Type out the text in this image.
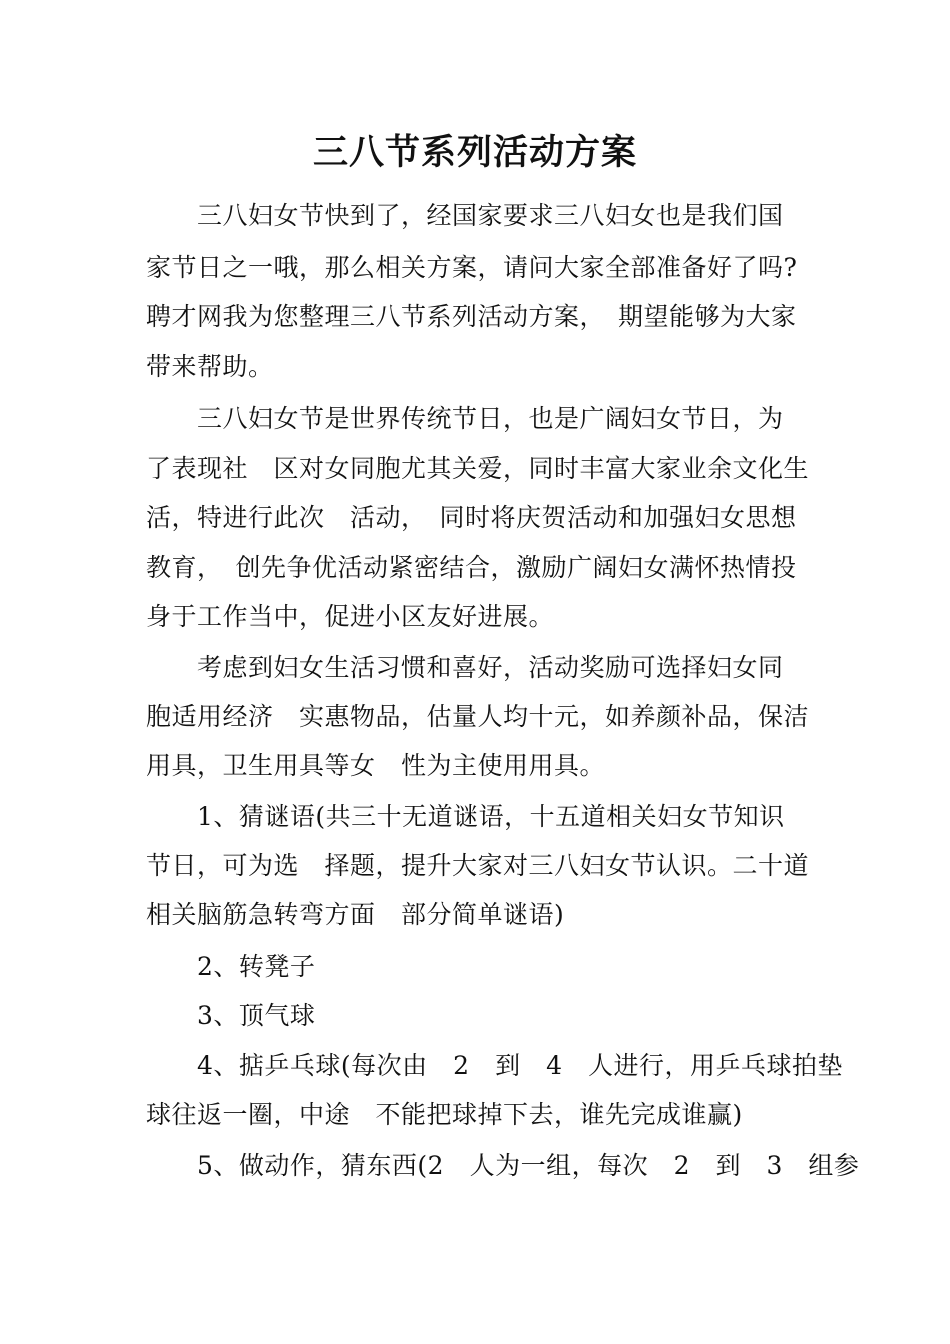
三八节系列活动方案
　　三八妇女节快到了，经国家要求三八妇女也是我们国
家节日之一哦，那么相关方案，请问大家全部准备好了吗?
聘才网我为您整理三八节系列活动方案，　期望能够为大家
带来帮助。
　　三八妇女节是世界传统节日，也是广阔妇女节日，为
了表现社　区对女同胞尤其关爱，同时丰富大家业余文化生
活，特进行此次　活动，　同时将庆贺活动和加强妇女思想
教育，　创先争优活动紧密结合，激励广阔妇女满怀热情投
身于工作当中，促进小区友好进展。
　　考虑到妇女生活习惯和喜好，活动奖励可选择妇女同
胞适用经济　实惠物品，估量人均十元，如养颜补品，保洁
用具，卫生用具等女　性为主使用用具。
　　1、猜谜语(共三十无道谜语，十五道相关妇女节知识
节日，可为选　择题，提升大家对三八妇女节认识。二十道
相关脑筋急转弯方面　部分简单谜语)
　　2、转凳子
　　3、顶气球
　　4、掂乒乓球(每次由　2　到　4　人进行，用乒乓球拍垫
球往返一圈，中途　不能把球掉下去，谁先完成谁赢)
　　5、做动作，猜东西(2　人为一组，每次　2　到　3　组参
